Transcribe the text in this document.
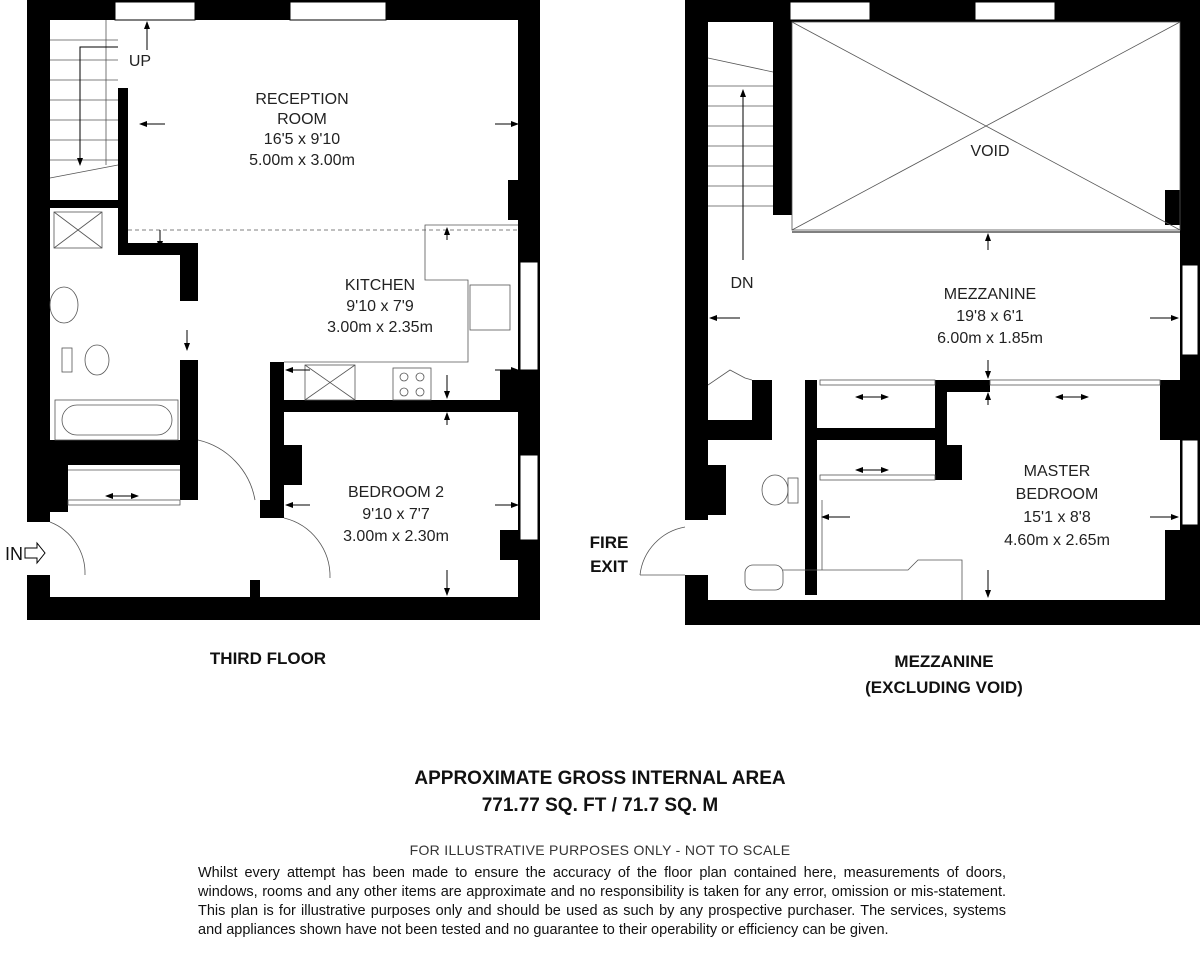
UP
IN
RECEPTION
ROOM
16'5 x 9'10
5.00m x 3.00m
KITCHEN
9'10 x 7'9
3.00m x 2.35m
BEDROOM 2
9'10 x 7'7
3.00m x 2.30m
THIRD FLOOR
DN
VOID
MEZZANINE
19'8 x 6'1
6.00m x 1.85m
MASTER
BEDROOM
15'1 x 8'8
4.60m x 2.65m
FIRE
EXIT
MEZZANINE
(EXCLUDING VOID)
APPROXIMATE GROSS INTERNAL AREA
771.77 SQ. FT / 71.7 SQ. M
FOR ILLUSTRATIVE PURPOSES ONLY - NOT TO SCALE
Whilst every attempt has been made to ensure the accuracy of the floor plan contained here, measurements of doors, windows, rooms and any other items are approximate and no responsibility is taken for any error, omission or mis-statement. This plan is for illustrative purposes only and should be used as such by any prospective purchaser. The services, systems and appliances shown have not been tested and no guarantee to their operability or efficiency can be given.
